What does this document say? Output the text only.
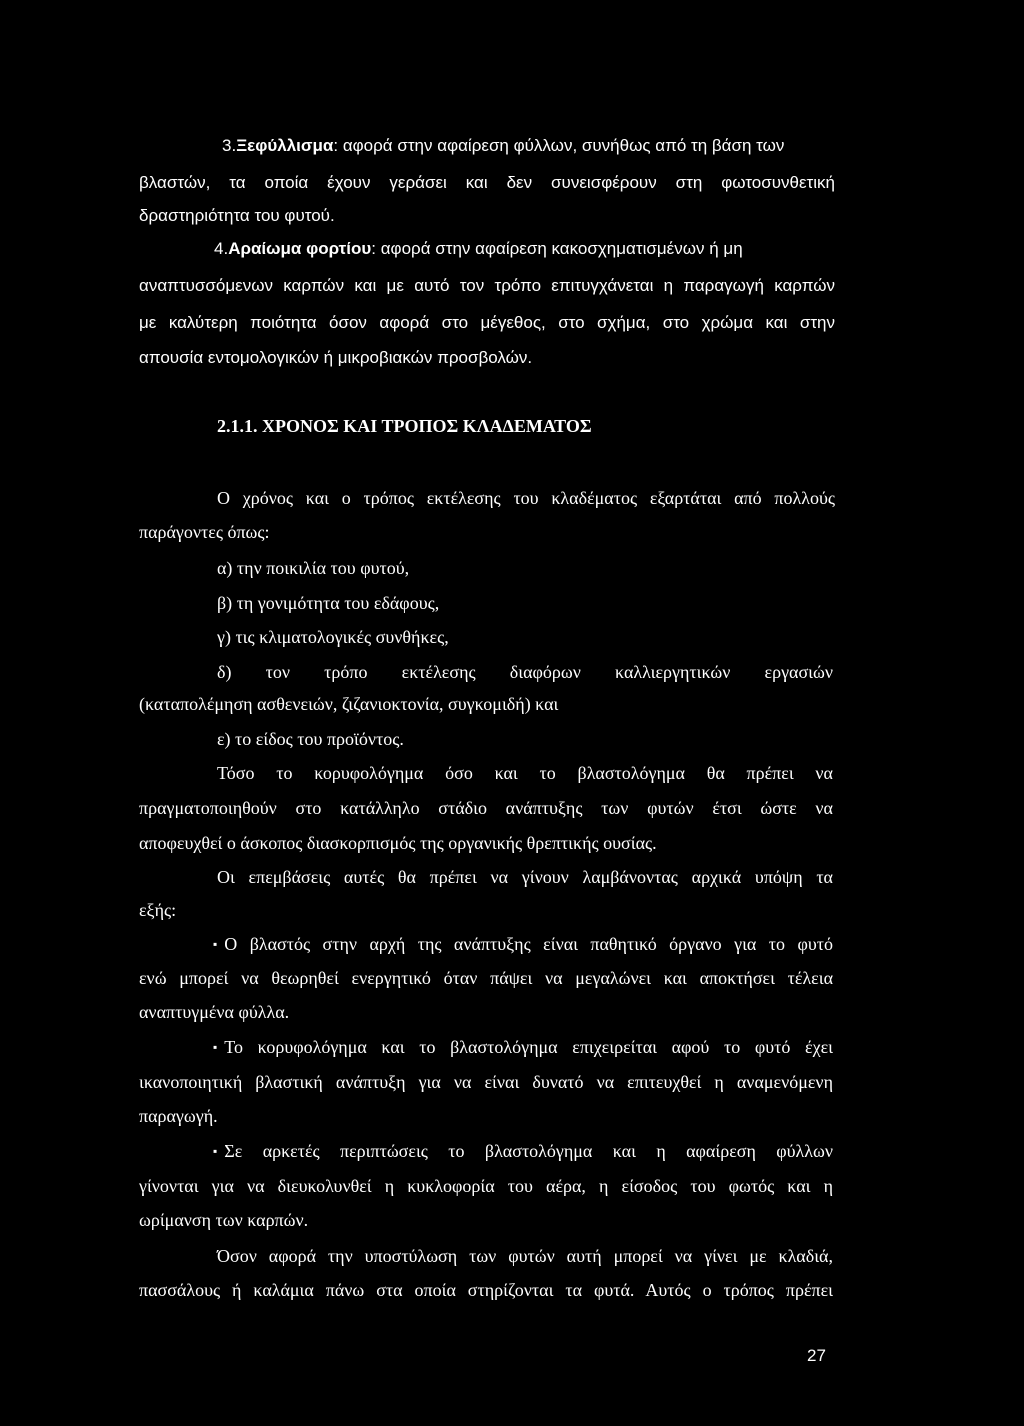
3.Ξεφύλλισμα: αφορά στην αφαίρεση φύλλων, συνήθως από τη βάση των
βλαστών, τα οποία έχουν γεράσει και δεν συνεισφέρουν στη φωτοσυνθετική
δραστηριότητα του φυτού.
4.Αραίωμα φορτίου: αφορά στην αφαίρεση κακοσχηματισμένων ή μη
αναπτυσσόμενων καρπών και με αυτό τον τρόπο επιτυγχάνεται η παραγωγή καρπών
με καλύτερη ποιότητα όσον αφορά στο μέγεθος, στο σχήμα, στο χρώμα και στην
απουσία εντομολογικών ή μικροβιακών προσβολών.
2.1.1. ΧΡΟΝΟΣ ΚΑΙ ΤΡΟΠΟΣ ΚΛΑΔΕΜΑΤΟΣ
Ο χρόνος και ο τρόπος εκτέλεσης του κλαδέματος εξαρτάται από πολλούς
παράγοντες όπως:
α) την ποικιλία του φυτού,
β) τη γονιμότητα του εδάφους,
γ) τις κλιματολογικές συνθήκες,
δ) τον τρόπο εκτέλεσης διαφόρων καλλιεργητικών εργασιών
(καταπολέμηση ασθενειών, ζιζανιοκτονία, συγκομιδή) και
ε) το είδος του προϊόντος.
Τόσο το κορυφολόγημα όσο και το βλαστολόγημα θα πρέπει να
πραγματοποιηθούν στο κατάλληλο στάδιο ανάπτυξης των φυτών έτσι ώστε να
αποφευχθεί ο άσκοπος διασκορπισμός της οργανικής θρεπτικής ουσίας.
Οι επεμβάσεις αυτές θα πρέπει να γίνουν λαμβάνοντας αρχικά υπόψη τα
εξής:
▪ Ο βλαστός στην αρχή της ανάπτυξης είναι παθητικό όργανο για το φυτό
ενώ μπορεί να θεωρηθεί ενεργητικό όταν πάψει να μεγαλώνει και αποκτήσει τέλεια
αναπτυγμένα φύλλα.
▪ Το κορυφολόγημα και το βλαστολόγημα επιχειρείται αφού το φυτό έχει
ικανοποιητική βλαστική ανάπτυξη για να είναι δυνατό να επιτευχθεί η αναμενόμενη
παραγωγή.
▪ Σε αρκετές περιπτώσεις το βλαστολόγημα και η αφαίρεση φύλλων
γίνονται για να διευκολυνθεί η κυκλοφορία του αέρα, η είσοδος του φωτός και η
ωρίμανση των καρπών.
Όσον αφορά την υποστύλωση των φυτών αυτή μπορεί να γίνει με κλαδιά,
πασσάλους ή καλάμια πάνω στα οποία στηρίζονται τα φυτά. Αυτός ο τρόπος πρέπει
27
